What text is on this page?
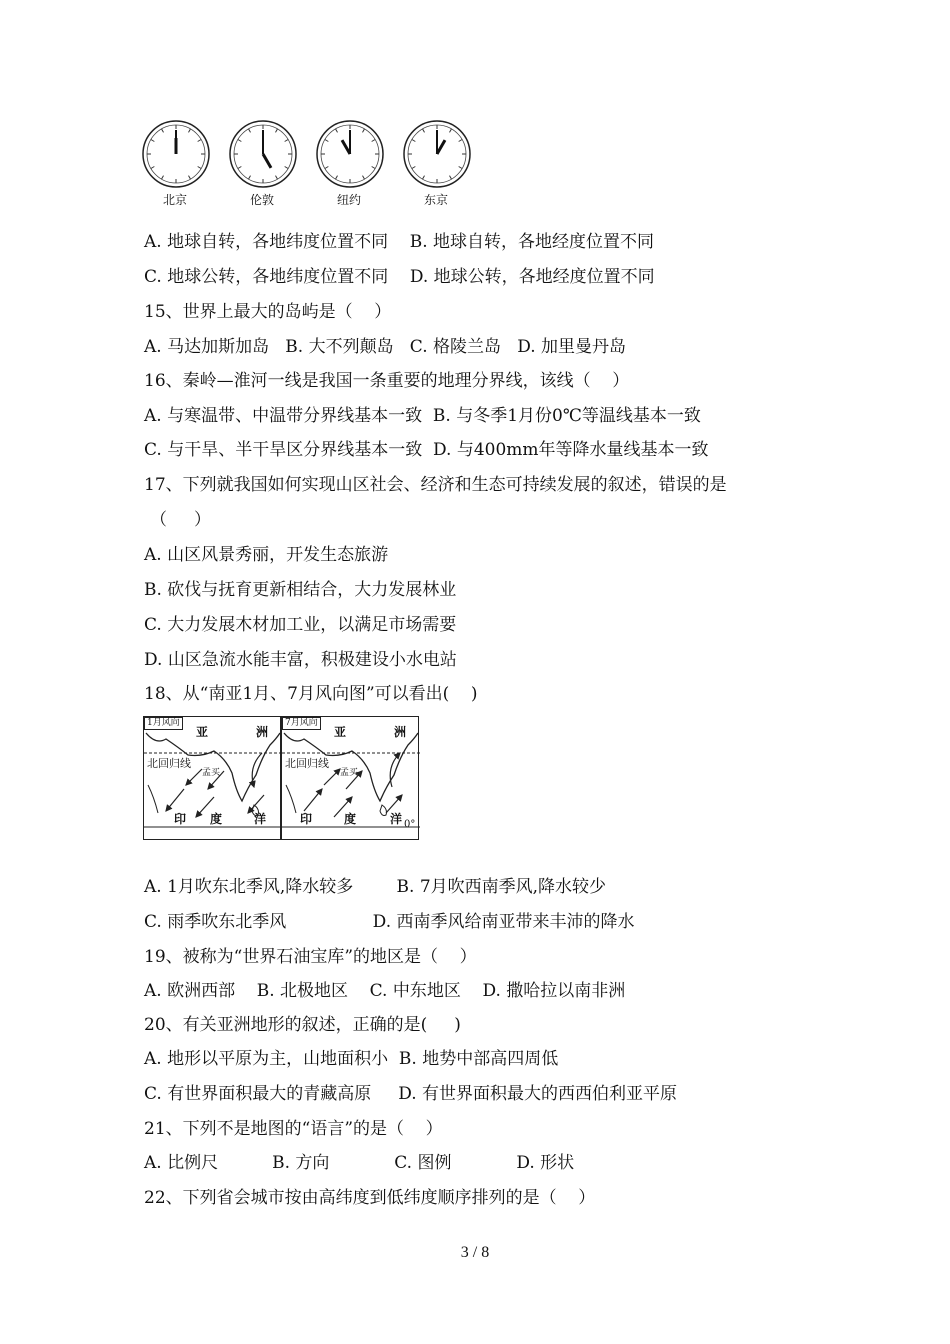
北京	伦敦	纽约	东京
A. 地球自转，各地纬度位置不同    B. 地球自转，各地经度位置不同
C. 地球公转，各地纬度位置不同    D. 地球公转，各地经度位置不同
15、世界上最大的岛屿是（    ）
A. 马达加斯加岛   B. 大不列颠岛   C. 格陵兰岛   D. 加里曼丹岛
16、秦岭—淮河一线是我国一条重要的地理分界线，该线（    ）
A. 与寒温带、中温带分界线基本一致  B. 与冬季1月份0℃等温线基本一致
C. 与干旱、半干旱区分界线基本一致  D. 与400mm年等降水量线基本一致
17、下列就我国如何实现山区社会、经济和生态可持续发展的叙述，错误的是
（     ）
A. 山区风景秀丽，开发生态旅游
B. 砍伐与抚育更新相结合，大力发展林业
C. 大力发展木材加工业，以满足市场需要
D. 山区急流水能丰富，积极建设小水电站
18、从“南亚1月、7月风向图”可以看出(    )
1月风向
亚	洲
北回归线
孟买
印 度	洋
7月风向
亚	洲
北回归线
孟买
印	度	洋 0°
A. 1月吹东北季风,降水较多        B. 7月吹西南季风,降水较少
C. 雨季吹东北季风                D. 西南季风给南亚带来丰沛的降水
19、被称为“世界石油宝库”的地区是（    ）
A. 欧洲西部    B. 北极地区    C. 中东地区    D. 撒哈拉以南非洲
20、有关亚洲地形的叙述，正确的是(     )
A. 地形以平原为主，山地面积小  B. 地势中部高四周低
C. 有世界面积最大的青藏高原     D. 有世界面积最大的西西伯利亚平原
21、下列不是地图的“语言”的是（    ）
A. 比例尺          B. 方向            C. 图例            D. 形状
22、下列省会城市按由高纬度到低纬度顺序排列的是（    ）
3 / 8
